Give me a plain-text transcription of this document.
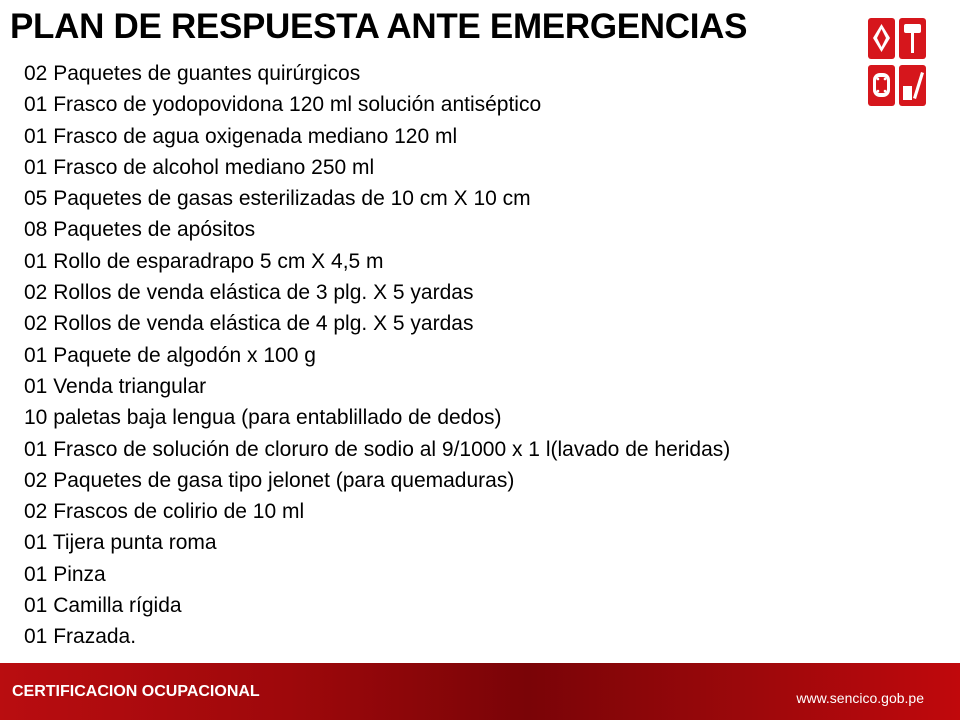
PLAN DE RESPUESTA ANTE EMERGENCIAS
02 Paquetes de guantes quirúrgicos
01 Frasco de yodopovidona 120 ml solución antiséptico
01 Frasco de agua oxigenada mediano 120 ml
01 Frasco de alcohol mediano 250 ml
05 Paquetes de gasas esterilizadas de 10 cm X 10 cm
08 Paquetes de apósitos
01 Rollo de esparadrapo 5 cm X 4,5 m
02 Rollos de venda elástica de 3 plg. X 5 yardas
02 Rollos de venda elástica de 4 plg. X 5 yardas
01 Paquete de algodón x 100 g
01 Venda triangular
10 paletas baja lengua (para entablillado de dedos)
01 Frasco de solución de cloruro de sodio al 9/1000 x 1 l(lavado de heridas)
02 Paquetes de gasa tipo jelonet (para quemaduras)
02 Frascos de colirio de 10 ml
01 Tijera punta roma
01 Pinza
01 Camilla rígida
01 Frazada.
CERTIFICACION OCUPACIONAL	www.sencico.gob.pe
